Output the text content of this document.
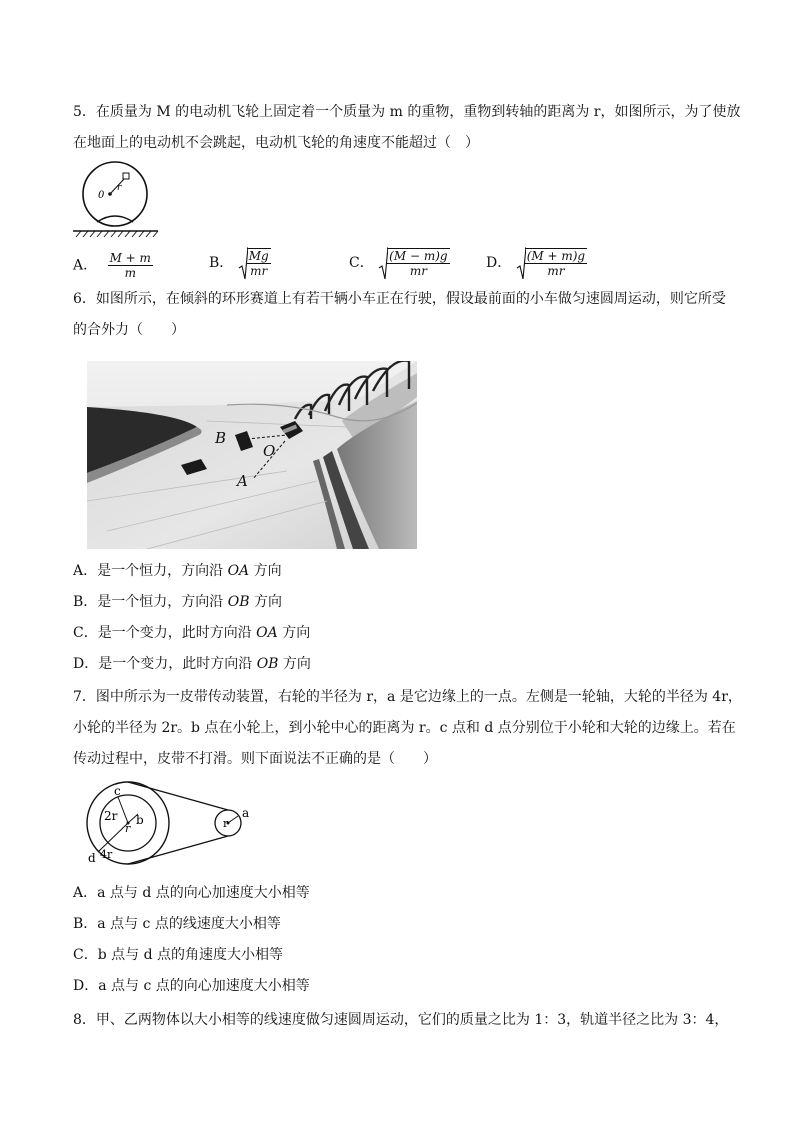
5．在质量为 M 的电动机飞轮上固定着一个质量为 m 的重物，重物到转轴的距离为 r，如图所示，为了使放
在地面上的电动机不会跳起，电动机飞轮的角速度不能超过（　）
0
r
A． $\frac{M + m}{m}$	B． $\frac{Mg}{mr}$	C． $\frac{(M - m)g}{mr}$	D． $\frac{(M + m)g}{mr}$
6．如图所示，在倾斜的环形赛道上有若干辆小车正在行驶，假设最前面的小车做匀速圆周运动，则它所受
的合外力（　　）
B
O
A
A．是一个恒力，方向沿 OA 方向
B．是一个恒力，方向沿 OB 方向
C．是一个变力，此时方向沿 OA 方向
D．是一个变力，此时方向沿 OB 方向
7．图中所示为一皮带传动装置，右轮的半径为 r，a 是它边缘上的一点。左侧是一轮轴，大轮的半径为 4r，
小轮的半径为 2r。b 点在小轮上，到小轮中心的距离为 r。c 点和 d 点分别位于小轮和大轮的边缘上。若在
传动过程中，皮带不打滑。则下面说法不正确的是（　　）
c
2r b
r
d 4r
r
a
A．a 点与 d 点的向心加速度大小相等
B．a 点与 c 点的线速度大小相等
C．b 点与 d 点的角速度大小相等
D．a 点与 c 点的向心加速度大小相等
8．甲、乙两物体以大小相等的线速度做匀速圆周运动，它们的质量之比为 1：3，轨道半径之比为 3：4，
